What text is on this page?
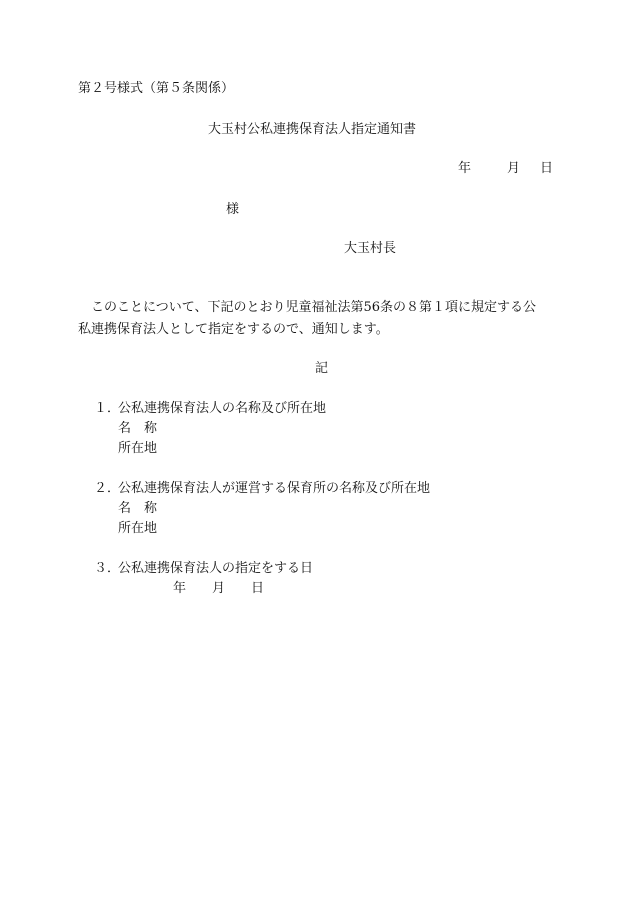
第２号様式（第５条関係）
大玉村公私連携保育法人指定通知書
年	月 日
様
大玉村長
　このことについて、下記のとおり児童福祉法第56条の８第１項に規定する公
私連携保育法人として指定をするので、通知します。
記
１．
公私連携保育法人の名称及び所在地
名　称
所在地
２．
公私連携保育法人が運営する保育所の名称及び所在地
名　称
所在地
３．
公私連携保育法人の指定をする日
年 月 日
